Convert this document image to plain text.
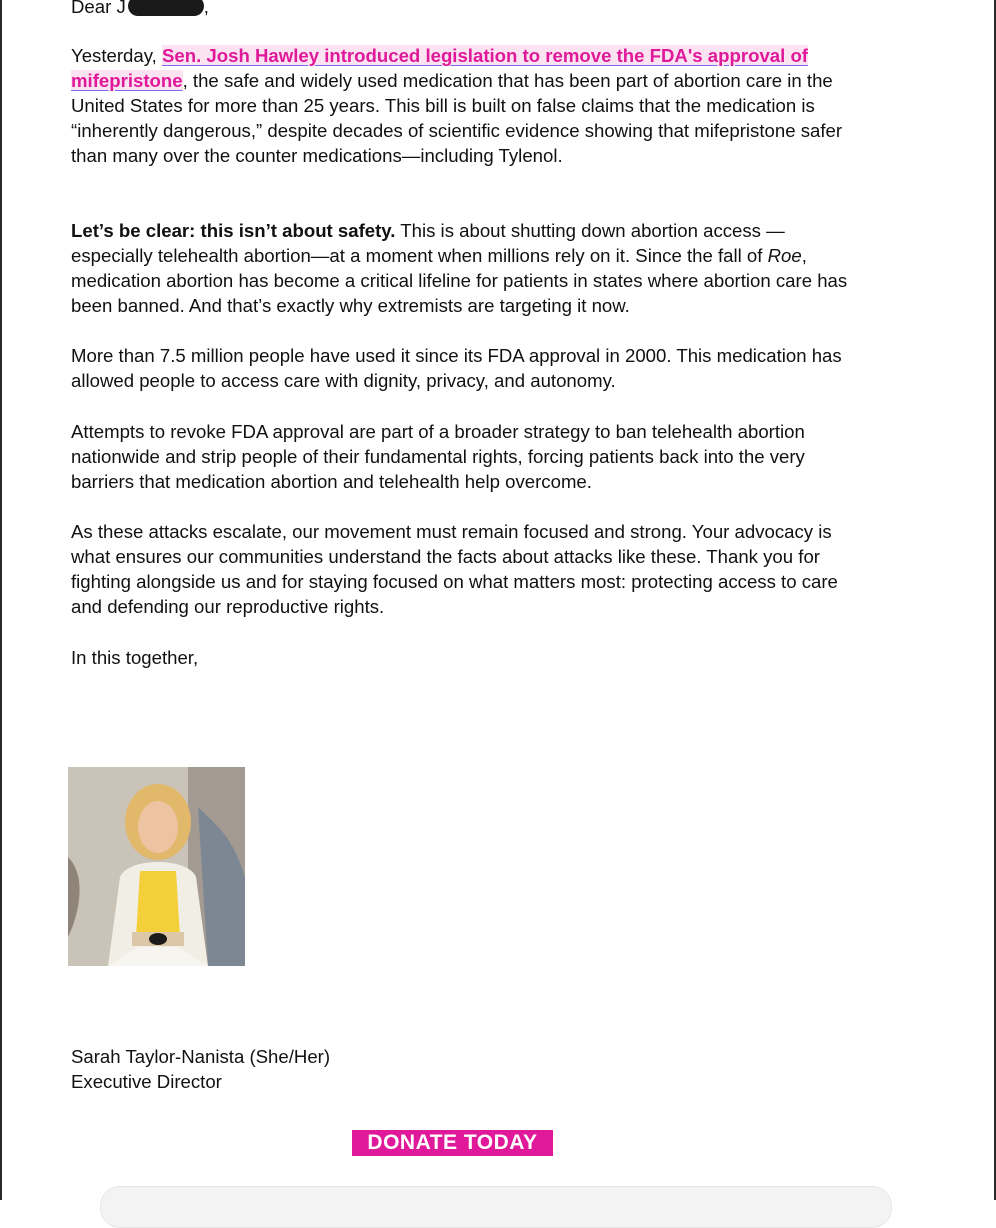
Dear J	,

Yesterday, Sen. Josh Hawley introduced legislation to remove the FDA's approval of mifepristone, the safe and widely used medication that has been part of abortion care in the United States for more than 25 years. This bill is built on false claims that the medication is “inherently dangerous,” despite decades of scientific evidence showing that mifepristone safer than many over the counter medications—including Tylenol.

Let’s be clear: this isn’t about safety. This is about shutting down abortion access —especially telehealth abortion—at a moment when millions rely on it. Since the fall of Roe, medication abortion has become a critical lifeline for patients in states where abortion care has been banned. And that’s exactly why extremists are targeting it now.

More than 7.5 million people have used it since its FDA approval in 2000. This medication has allowed people to access care with dignity, privacy, and autonomy.

Attempts to revoke FDA approval are part of a broader strategy to ban telehealth abortion nationwide and strip people of their fundamental rights, forcing patients back into the very barriers that medication abortion and telehealth help overcome.

As these attacks escalate, our movement must remain focused and strong. Your advocacy is what ensures our communities understand the facts about attacks like these. Thank you for fighting alongside us and for staying focused on what matters most: protecting access to care and defending our reproductive rights.

In this together,

Sarah Taylor-Nanista (She/Her)
Executive Director
DONATE TODAY
